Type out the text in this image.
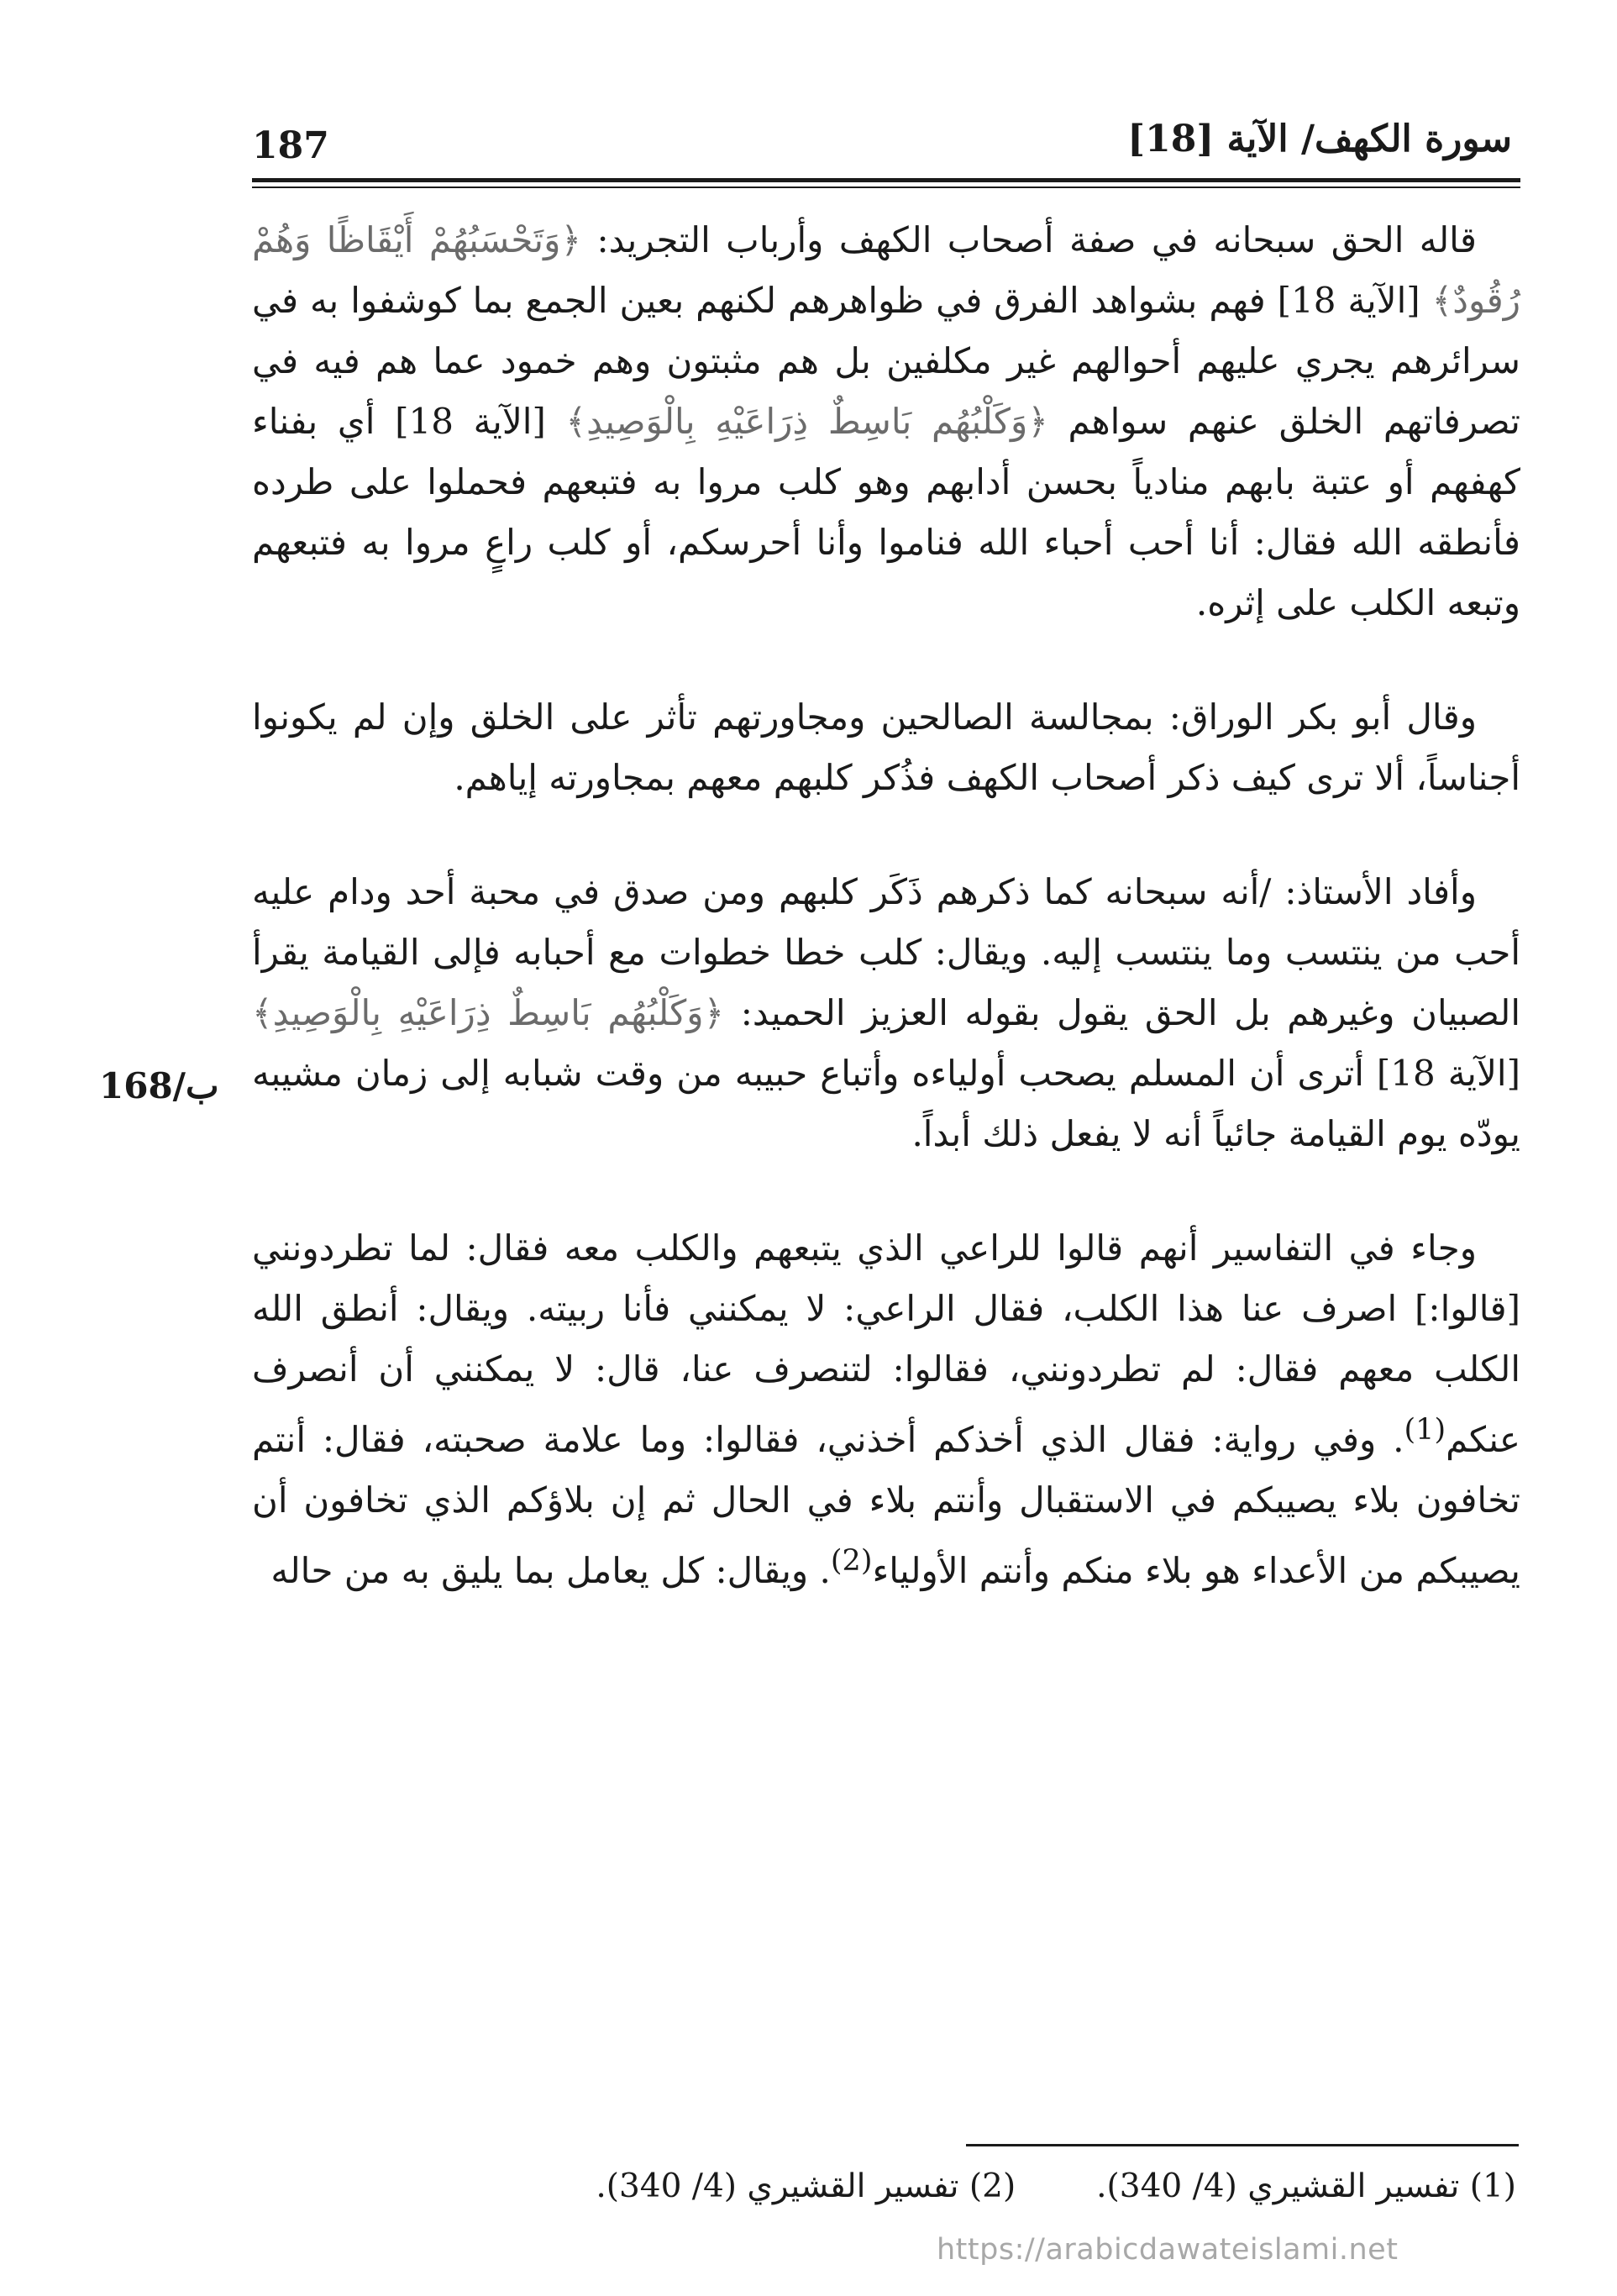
187	سورة الكهف/ الآية [18]
168/ب

قاله الحق سبحانه في صفة أصحاب الكهف وأرباب التجريد: ﴿وَتَحْسَبُهُمْ أَيْقَاظًا وَهُمْ رُقُودٌ﴾ [الآية 18] فهم بشواهد الفرق في ظواهرهم لكنهم بعين الجمع بما كوشفوا به في سرائرهم يجري عليهم أحوالهم غير مكلفين بل هم مثبتون وهم خمود عما هم فيه في تصرفاتهم الخلق عنهم سواهم ﴿وَكَلْبُهُم بَاسِطٌ ذِرَاعَيْهِ بِالْوَصِيدِ﴾ [الآية 18] أي بفناء كهفهم أو عتبة بابهم منادياً بحسن أدابهم وهو كلب مروا به فتبعهم فحملوا على طرده فأنطقه الله فقال: أنا أحب أحباء الله فناموا وأنا أحرسكم، أو كلب راعٍ مروا به فتبعهم وتبعه الكلب على إثره.

وقال أبو بكر الوراق: بمجالسة الصالحين ومجاورتهم تأثر على الخلق وإن لم يكونوا أجناساً، ألا ترى كيف ذكر أصحاب الكهف فذُكر كلبهم معهم بمجاورته إياهم.

وأفاد الأستاذ: /أنه سبحانه كما ذكرهم ذَكَر كلبهم ومن صدق في محبة أحد ودام عليه أحب من ينتسب وما ينتسب إليه. ويقال: كلب خطا خطوات مع أحبابه فإلى القيامة يقرأ الصبيان وغيرهم بل الحق يقول بقوله العزيز الحميد: ﴿وَكَلْبُهُم بَاسِطٌ ذِرَاعَيْهِ بِالْوَصِيدِ﴾ [الآية 18] أترى أن المسلم يصحب أولياءه وأتباع حبيبه من وقت شبابه إلى زمان مشيبه يودّه يوم القيامة جائياً أنه لا يفعل ذلك أبداً.

وجاء في التفاسير أنهم قالوا للراعي الذي يتبعهم والكلب معه فقال: لما تطردونني [قالوا:] اصرف عنا هذا الكلب، فقال الراعي: لا يمكنني فأنا ربيته. ويقال: أنطق الله الكلب معهم فقال: لم تطردونني، فقالوا: لتنصرف عنا، قال: لا يمكنني أن أنصرف عنكم$^{(1)}$. وفي رواية: فقال الذي أخذكم أخذني، فقالوا: وما علامة صحبته، فقال: أنتم تخافون بلاء يصيبكم في الاستقبال وأنتم بلاء في الحال ثم إن بلاؤكم الذي تخافون أن يصيبكم من الأعداء هو بلاء منكم وأنتم الأولياء$^{(2)}$. ويقال: كل يعامل بما يليق به من حاله

(1) تفسير القشيري (4/ 340).(2) تفسير القشيري (4/ 340).
https://arabicdawateislami.net
